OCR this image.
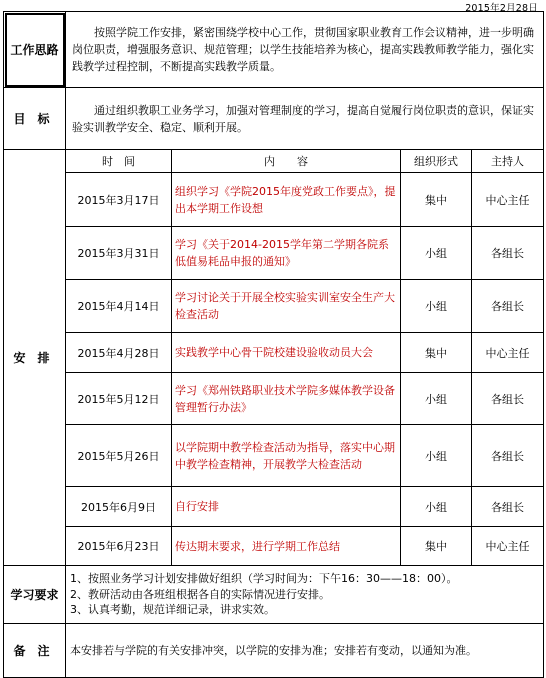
2015年2月28日
工作思路	按照学院工作安排，紧密围绕学校中心工作，贯彻国家职业教育工作会议精神，进一步明确岗位职责，增强服务意识、规范管理；以学生技能培养为核心，提高实践教师教学能力，强化实践教学过程控制，不断提高实践教学质量。			
目标	通过组织教职工业务学习，加强对管理制度的学习，提高自觉履行岗位职责的意识，保证实验实训教学安全、稳定、顺利开展。			
安排	时　间	内　　容	组织形式	主持人
	2015年3月17日	组织学习《学院2015年度党政工作要点》，提出本学期工作设想	集中	中心主任
	2015年3月31日	学习《关于2014-2015学年第二学期各院系低值易耗品申报的通知》	小组	各组长
	2015年4月14日	学习讨论关于开展全校实验实训室安全生产大检查活动	小组	各组长
	2015年4月28日	实践教学中心骨干院校建设验收动员大会	集中	中心主任
	2015年5月12日	学习《郑州铁路职业技术学院多媒体教学设备管理暂行办法》	小组	各组长
	2015年5月26日	以学院期中教学检查活动为指导，落实中心期中教学检查精神，开展教学大检查活动	小组	各组长
	2015年6月9日	自行安排	小组	各组长
	2015年6月23日	传达期末要求，进行学期工作总结	集中	中心主任
学习要求	1、按照业务学习计划安排做好组织（学习时间为：下午16：30——18：00）。
2、教研活动由各班组根据各自的实际情况进行安排。
3、认真考勤，规范详细记录，讲求实效。			

备注	本安排若与学院的有关安排冲突，以学院的安排为准；安排若有变动，以通知为准。			
